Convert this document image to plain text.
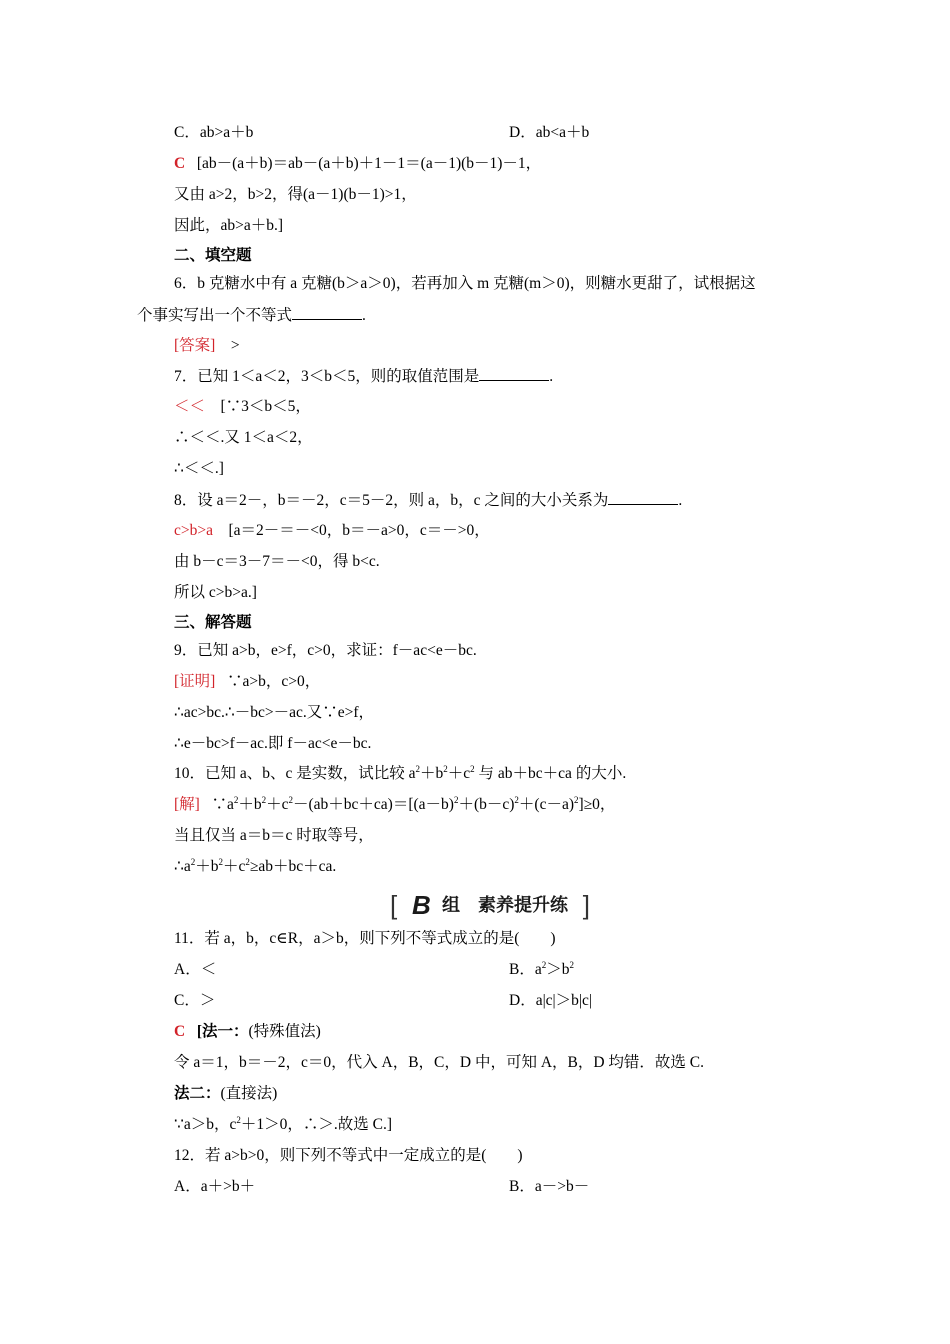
C．ab>a＋b	D．ab<a＋b
C [ab－(a＋b)＝ab－(a＋b)＋1－1＝(a－1)(b－1)－1，
又由 a>2，b>2，得(a－1)(b－1)>1，
因此，ab>a＋b.]
二、填空题
6．b 克糖水中有 a 克糖(b＞a＞0)，若再加入 m 克糖(m＞0)，则糖水更甜了，试根据这
个事实写出一个不等式	.
[答案] >
7．已知 1＜a＜2，3＜b＜5，则的取值范围是	.
＜＜ [∵3＜b＜5，
∴＜＜.又 1＜a＜2，
∴＜＜.]
8．设 a＝2－，b＝－2，c＝5－2，则 a，b，c 之间的大小关系为	.
c>b>a [a＝2－＝－<0，b＝－a>0，c＝－>0，
由 b－c＝3－7＝－<0，得 b<c.
所以 c>b>a.]
三、解答题
9．已知 a>b，e>f，c>0，求证：f－ac<e－bc.
[证明] ∵a>b，c>0，
∴ac>bc.∴－bc>－ac.又∵e>f，
∴e－bc>f－ac.即 f－ac<e－bc.
10．已知 a、b、c 是实数，试比较 $a^2+b^2+c^2$ 与 ab＋bc＋ca 的大小.
[解] $\because a^2+b^2+c^2-(ab+bc+ca)=[(a-b)^2+(b-c)^2+(c-a)^2]\ge 0$，
当且仅当 a＝b＝c 时取等号，
$\therefore a^2+b^2+c^2\ge ab+bc+ca$.
[ B 组　素养提升练 ]
11．若 a，b，c∈R，a＞b，则下列不等式成立的是(　　)
A．＜	B．$a^2>b^2$
C．＞	D．a|c|＞b|c|
C [法一：(特殊值法)
令 a＝1，b＝－2，c＝0，代入 A，B，C，D 中，可知 A，B，D 均错．故选 C.
法二：(直接法)
∵a＞b，$c^2+1>0$，∴＞.故选 C.]
12．若 a>b>0，则下列不等式中一定成立的是(　　)
A．a＋>b＋	B．a－>b－
